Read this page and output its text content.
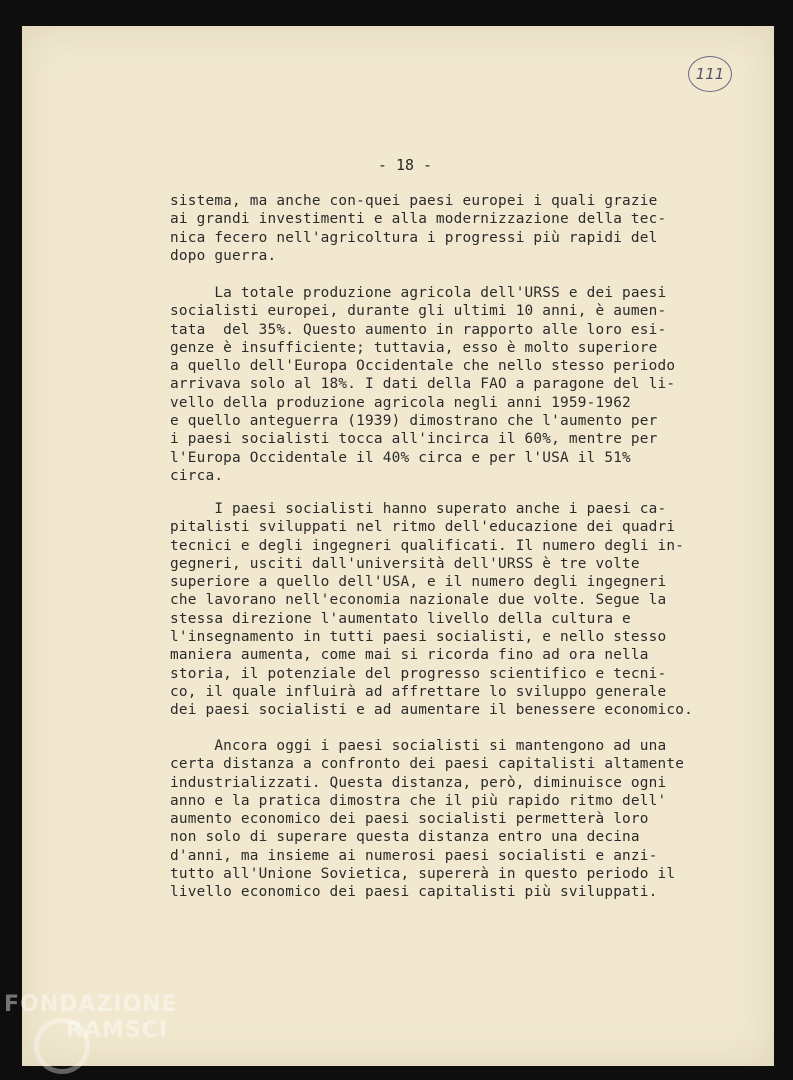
111
- 18 -
sistema, ma anche con-quei paesi europei i quali grazie
ai grandi investimenti e alla modernizzazione della tec-
nica fecero nell'agricoltura i progressi più rapidi del
dopo guerra.
La totale produzione agricola dell'URSS e dei paesi
socialisti europei, durante gli ultimi 10 anni, è aumen-
tata  del 35%. Questo aumento in rapporto alle loro esi-
genze è insufficiente; tuttavia, esso è molto superiore
a quello dell'Europa Occidentale che nello stesso periodo
arrivava solo al 18%. I dati della FAO a paragone del li-
vello della produzione agricola negli anni 1959-1962
e quello anteguerra (1939) dimostrano che l'aumento per
i paesi socialisti tocca all'incirca il 60%, mentre per
l'Europa Occidentale il 40% circa e per l'USA il 51%
circa.
I paesi socialisti hanno superato anche i paesi ca-
pitalisti sviluppati nel ritmo dell'educazione dei quadri
tecnici e degli ingegneri qualificati. Il numero degli in-
gegneri, usciti dall'università dell'URSS è tre volte
superiore a quello dell'USA, e il numero degli ingegneri
che lavorano nell'economia nazionale due volte. Segue la
stessa direzione l'aumentato livello della cultura e
l'insegnamento in tutti paesi socialisti, e nello stesso
maniera aumenta, come mai si ricorda fino ad ora nella
storia, il potenziale del progresso scientifico e tecni-
co, il quale influirà ad affrettare lo sviluppo generale
dei paesi socialisti e ad aumentare il benessere economico.
Ancora oggi i paesi socialisti si mantengono ad una
certa distanza a confronto dei paesi capitalisti altamente
industrializzati. Questa distanza, però, diminuisce ogni
anno e la pratica dimostra che il più rapido ritmo dell'
aumento economico dei paesi socialisti permetterà loro
non solo di superare questa distanza entro una decina
d'anni, ma insieme ai numerosi paesi socialisti e anzi-
tutto all'Unione Sovietica, supererà in questo periodo il
livello economico dei paesi capitalisti più sviluppati.
FONDAZIONE
RAMSCI
